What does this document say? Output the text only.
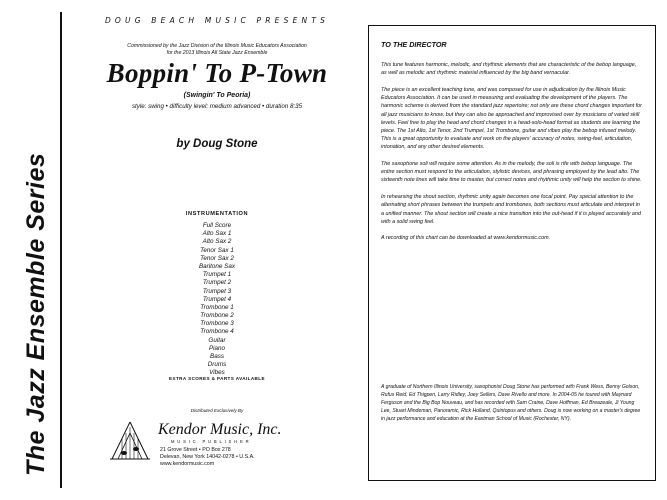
The Jazz Ensemble Series
DOUG BEACH MUSIC PRESENTS
Commissioned by the Jazz Division of the Illinois Music Educators Association
for the 2013 Illinois All State Jazz Ensemble
Boppin' To P-Town
(Swingin' To Peoria)
style: swing • difficulty level: medium advanced • duration 8:35
by Doug Stone
INSTRUMENTATION
Full Score
Alto Sax 1
Alto Sax 2
Tenor Sax 1
Tenor Sax 2
Baritone Sax
Trumpet 1
Trumpet 2
Trumpet 3
Trumpet 4
Trombone 1
Trombone 2
Trombone 3
Trombone 4
Guitar
Piano
Bass
Drums
Vibes
EXTRA SCORES & PARTS AVAILABLE
Distributed Exclusively By
Kendor Music, Inc.
MUSIC PUBLISHER
21 Grove Street • PO Box 278
Delevan, New York 14042-0278 • U.S.A.
www.kendormusic.com
TO THE DIRECTOR

This tune features harmonic, melodic, and rhythmic elements that are characteristic of the bebop language, as well as melodic and rhythmic material influenced by the big band vernacular.

The piece is an excellent teaching tune, and was composed for use in adjudication by the Illinois Music Educators Association. It can be used in measuring and evaluating the development of the players. The harmonic scheme is derived from the standard jazz repertoire; not only are these chord changes important for all jazz musicians to know, but they can also be approached and improvised over by musicians of varied skill levels. Feel free to play the head and chord changes in a head-solo-head format as students are learning the piece. The 1st Alto, 1st Tenor, 2nd Trumpet, 1st Trombone, guitar and vibes play the bebop infused melody. This is a great opportunity to evaluate and work on the players' accuracy of notes, swing-feel, articulation, intonation, and any other desired elements.

The saxophone soli will require some attention. As in the melody, the soli is rife with bebop language. The entire section must respond to the articulation, stylistic devices, and phrasing employed by the lead alto. The sixteenth note lines will take time to master, but correct notes and rhythmic unity will help the section to shine.

In rehearsing the shout section, rhythmic unity again becomes one focal point. Pay special attention to the alternating short phrases between the trumpets and trombones, both sections must articulate and interpret in a unified manner. The shout section will create a nice transition into the out-head if it is played accurately and with a solid swing feel.

A recording of this chart can be downloaded at www.kendormusic.com.

A graduate of Northern Illinois University, saxophonist Doug Stone has performed with Frank Wess, Benny Golson, Rufus Reid, Ed Thigpen, Larry Ridley, Joey Sellers, Dave Rivello and more. In 2004-05 he toured with Maynard Ferguson and the Big Bop Nouveau, and has recorded with Sam Craine, Dave Hoffman, Ed Breazeale, Ji Young Lee, Stuart Mindeman, Panoramic, Rick Holland, Quintopus and others. Doug is now working on a master's degree in jazz performance and education at the Eastman School of Music (Rochester, NY).
